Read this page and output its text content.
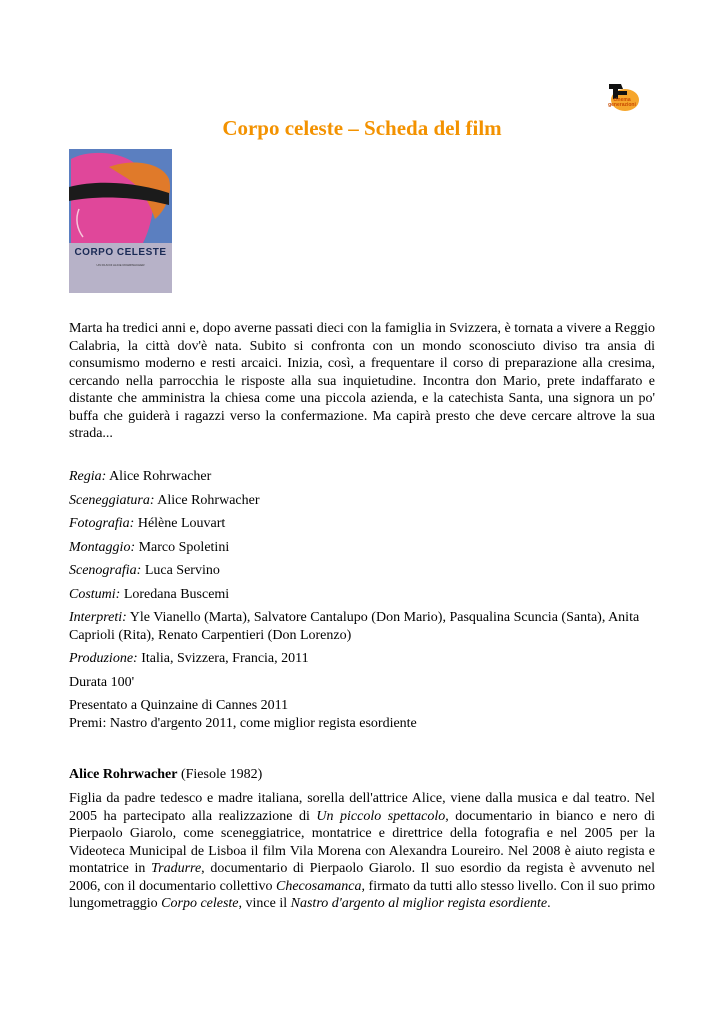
cinema generazioni
Corpo celeste – Scheda del film
CORPO CELESTE
UN FILM DI ALICE ROHRWACHER
Marta ha tredici anni e, dopo averne passati dieci con la famiglia in Svizzera, è tornata a vivere a Reggio Calabria, la città dov'è nata. Subito si confronta con un mondo sconosciuto diviso tra ansia di consumismo moderno e resti arcaici. Inizia, così, a frequentare il corso di preparazione alla cresima, cercando nella parrocchia le risposte alla sua inquietudine. Incontra don Mario, prete indaffarato e distante che amministra la chiesa come una piccola azienda, e la catechista Santa, una signora un po' buffa che guiderà i ragazzi verso la confermazione. Ma capirà presto che deve cercare altrove la sua strada...

Regia: Alice Rohrwacher

Sceneggiatura: Alice Rohrwacher

Fotografia: Hélène Louvart

Montaggio: Marco Spoletini

Scenografia: Luca Servino

Costumi: Loredana Buscemi

Interpreti: Yle Vianello (Marta), Salvatore Cantalupo (Don Mario), Pasqualina Scuncia (Santa), Anita Caprioli (Rita), Renato Carpentieri (Don Lorenzo)

Produzione: Italia, Svizzera, Francia, 2011

Durata 100'

Presentato a Quinzaine di Cannes 2011

Premi: Nastro d'argento 2011, come miglior regista esordiente

Alice Rohrwacher (Fiesole 1982)
Figlia da padre tedesco e madre italiana, sorella dell'attrice Alice, viene dalla musica e dal teatro. Nel 2005 ha partecipato alla realizzazione di Un piccolo spettacolo, documentario in bianco e nero di Pierpaolo Giarolo, come sceneggiatrice, montatrice e direttrice della fotografia e nel 2005 per la Videoteca Municipal de Lisboa il film Vila Morena con Alexandra Loureiro. Nel 2008 è aiuto regista e montatrice in Tradurre, documentario di Pierpaolo Giarolo. Il suo esordio da regista è avvenuto nel 2006, con il documentario collettivo Checosamanca, firmato da tutti allo stesso livello. Con il suo primo lungometraggio Corpo celeste, vince il Nastro d'argento al miglior regista esordiente.
